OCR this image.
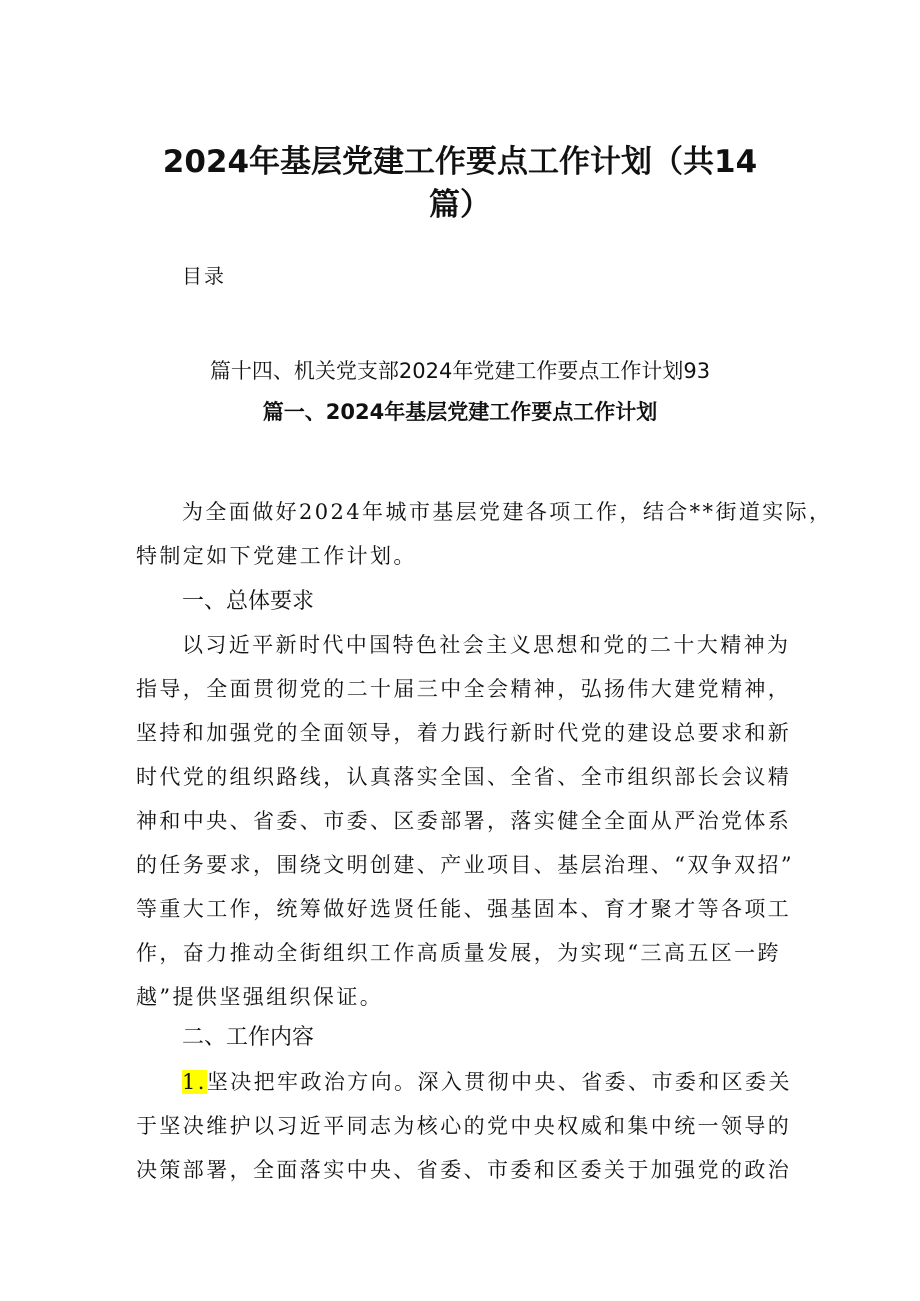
2024年基层党建工作要点工作计划（共14
篇）
目录
篇十四、机关党支部2024年党建工作要点工作计划93
篇一、2024年基层党建工作要点工作计划
为全面做好2024年城市基层党建各项工作，结合**街道实际，
特制定如下党建工作计划。
一、总体要求
以习近平新时代中国特色社会主义思想和党的二十大精神为
指导，全面贯彻党的二十届三中全会精神，弘扬伟大建党精神，
坚持和加强党的全面领导，着力践行新时代党的建设总要求和新
时代党的组织路线，认真落实全国、全省、全市组织部长会议精
神和中央、省委、市委、区委部署，落实健全全面从严治党体系
的任务要求，围绕文明创建、产业项目、基层治理、“双争双招”
等重大工作，统筹做好选贤任能、强基固本、育才聚才等各项工
作，奋力推动全街组织工作高质量发展，为实现“三高五区一跨
越”提供坚强组织保证。
二、工作内容
1.坚决把牢政治方向。深入贯彻中央、省委、市委和区委关
于坚决维护以习近平同志为核心的党中央权威和集中统一领导的
决策部署，全面落实中央、省委、市委和区委关于加强党的政治
